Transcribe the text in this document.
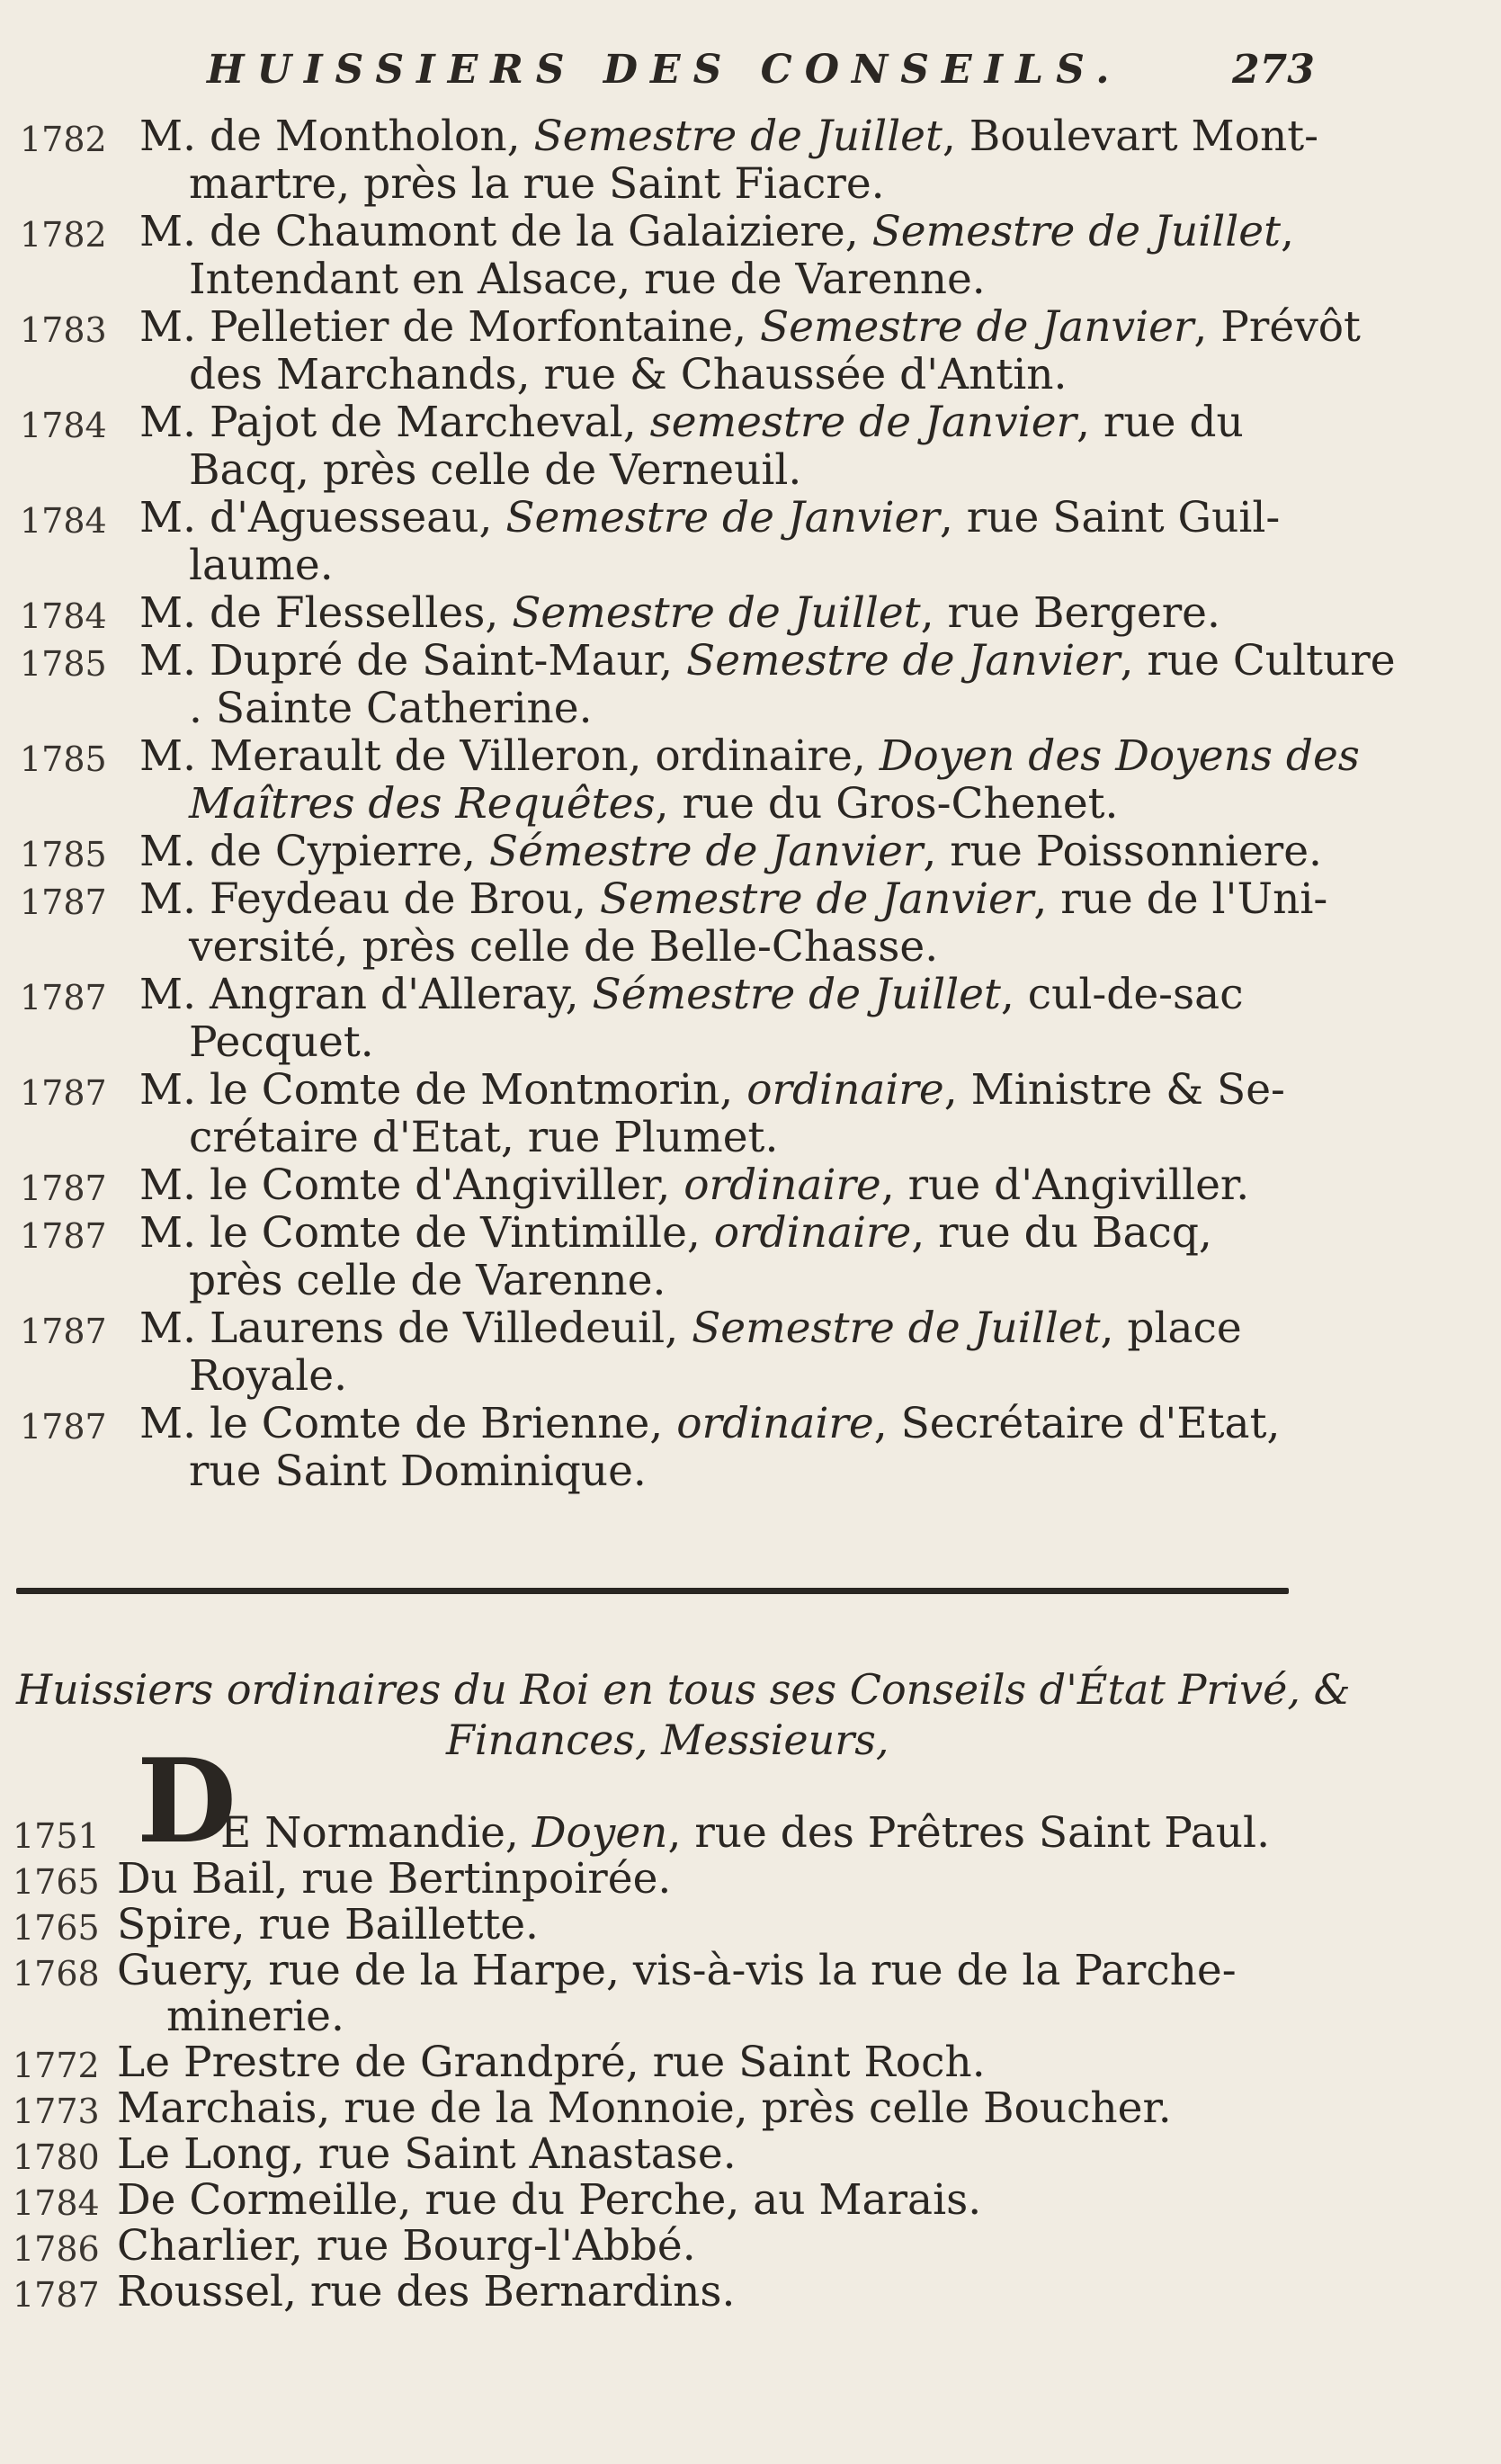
HUISSIERS DES CONSEILS.	273
1782 M. de Montholon, Semestre de Juillet, Boulevart Mont-
martre, près la rue Saint Fiacre.
1782 M. de Chaumont de la Galaiziere, Semestre de Juillet,
Intendant en Alsace, rue de Varenne.
1783 M. Pelletier de Morfontaine, Semestre de Janvier, Prévôt
des Marchands, rue & Chaussée d'Antin.
1784 M. Pajot de Marcheval, semestre de Janvier, rue du
Bacq, près celle de Verneuil.
1784 M. d'Aguesseau, Semestre de Janvier, rue Saint Guil-
laume.
1784 M. de Flesselles, Semestre de Juillet, rue Bergere.
1785 M. Dupré de Saint-Maur, Semestre de Janvier, rue Culture
. Sainte Catherine.
1785 M. Merault de Villeron, ordinaire, Doyen des Doyens des
Maîtres des Requêtes, rue du Gros-Chenet.
1785 M. de Cypierre, Sémestre de Janvier, rue Poissonniere.
1787 M. Feydeau de Brou, Semestre de Janvier, rue de l'Uni-
versité, près celle de Belle-Chasse.
1787 M. Angran d'Alleray, Sémestre de Juillet, cul-de-sac
Pecquet.
1787 M. le Comte de Montmorin, ordinaire, Ministre & Se-
crétaire d'Etat, rue Plumet.
1787 M. le Comte d'Angiviller, ordinaire, rue d'Angiviller.
1787 M. le Comte de Vintimille, ordinaire, rue du Bacq,
près celle de Varenne.
1787 M. Laurens de Villedeuil, Semestre de Juillet, place
Royale.
1787 M. le Comte de Brienne, ordinaire, Secrétaire d'Etat,
rue Saint Dominique.
Huissiers ordinaires du Roi en tous ses Conseils d'État Privé, &
Finances, Messieurs,
D
1751	E Normandie, Doyen, rue des Prêtres Saint Paul.
1765 Du Bail, rue Bertinpoirée.
1765 Spire, rue Baillette.
1768 Guery, rue de la Harpe, vis-à-vis la rue de la Parche-
minerie.
1772 Le Prestre de Grandpré, rue Saint Roch.
1773 Marchais, rue de la Monnoie, près celle Boucher.
1780 Le Long, rue Saint Anastase.
1784 De Cormeille, rue du Perche, au Marais.
1786 Charlier, rue Bourg-l'Abbé.
1787 Roussel, rue des Bernardins.
